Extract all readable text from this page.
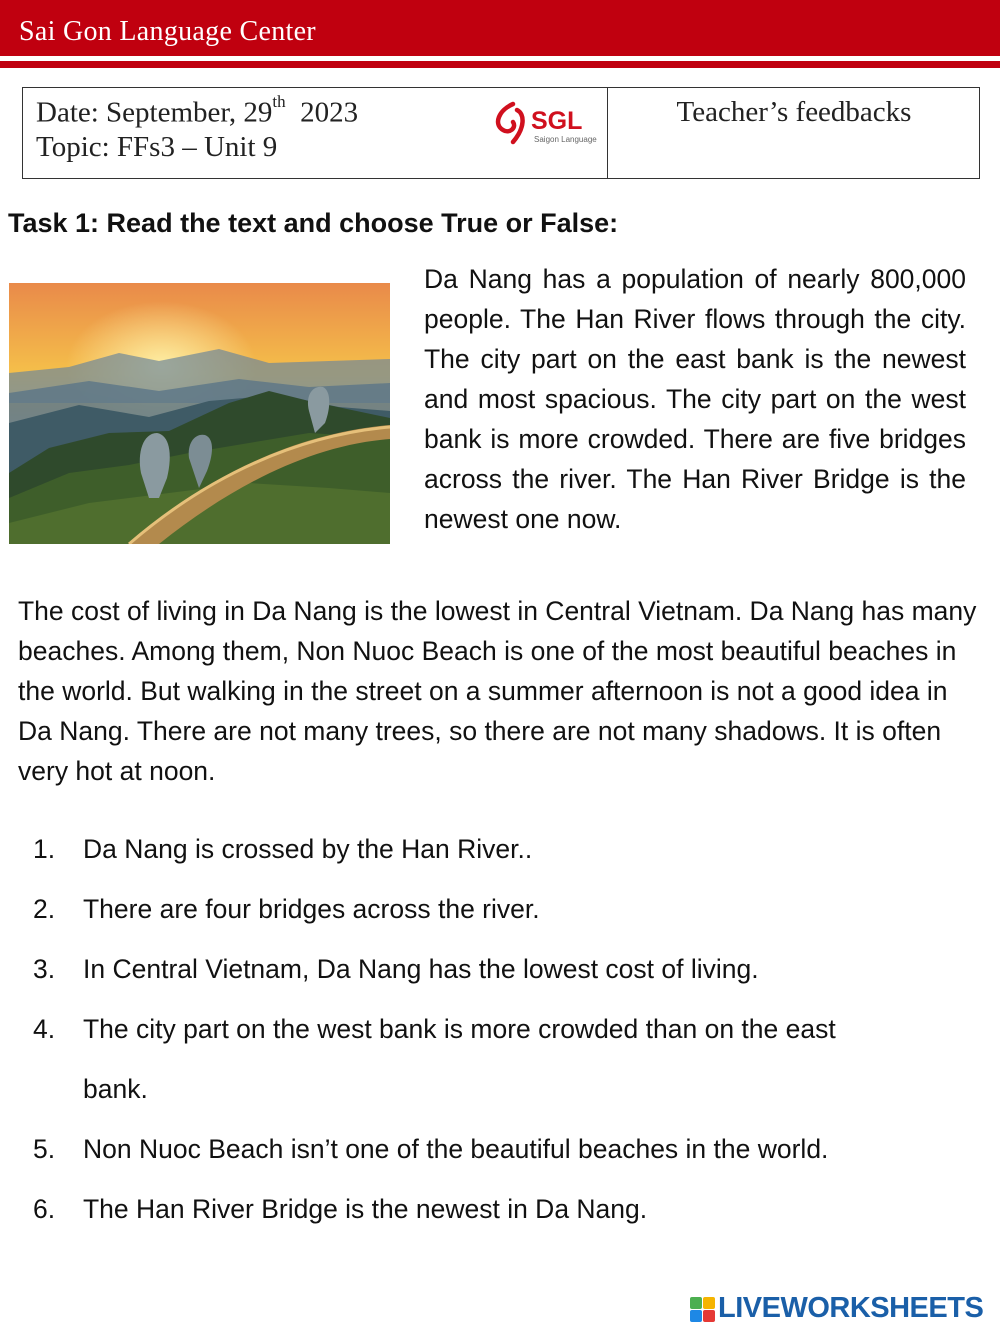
Sai Gon Language Center
Date: September, 29th 2023
Topic: FFs3 – Unit 9
SGL
Saigon Language
Teacher’s feedbacks
Task 1: Read the text and choose True or False:
Da Nang has a population of nearly 800,000 people. The Han River flows through the city. The city part on the east bank is the newest and most spacious. The city part on the west bank is more crowded. There are five bridges across the river. The Han River Bridge is the newest one now.
The cost of living in Da Nang is the lowest in Central Vietnam. Da Nang has many beaches. Among them, Non Nuoc Beach is one of the most beautiful beaches in the world. But walking in the street on a summer afternoon is not a good idea in Da Nang. There are not many trees, so there are not many shadows. It is often very hot at noon.
1. Da Nang is crossed by the Han River..
2. There are four bridges across the river.
3. In Central Vietnam, Da Nang has the lowest cost of living.
4. The city part on the west bank is more crowded than on the east bank.
5. Non Nuoc Beach isn’t one of the beautiful beaches in the world.
6. The Han River Bridge is the newest in Da Nang.
LIVEWORKSHEETS
